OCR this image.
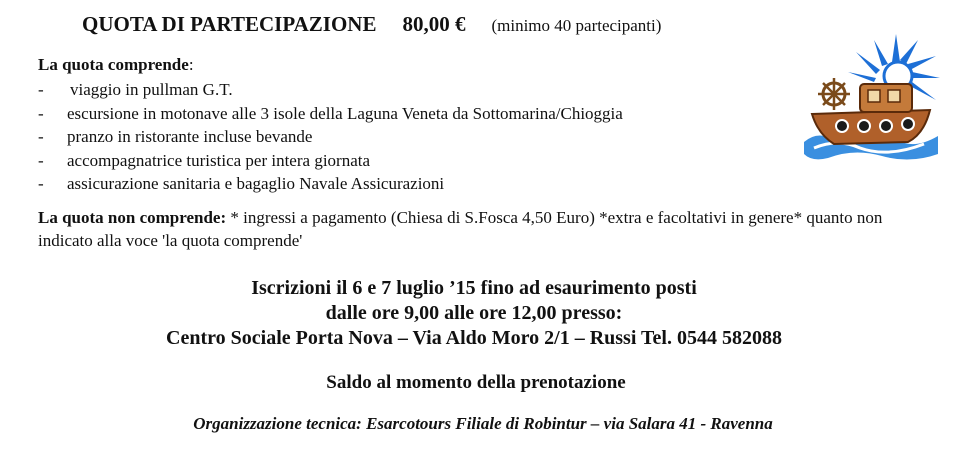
QUOTA DI PARTECIPAZIONE 80,00 € (minimo 40 partecipanti)
La quota comprende:
- viaggio in pullman G.T.
- escursione in motonave alle 3 isole della Laguna Veneta da Sottomarina/Chioggia
- pranzo in ristorante incluse bevande
- accompagnatrice turistica per intera giornata
- assicurazione sanitaria e bagaglio Navale Assicurazioni
La quota non comprende: * ingressi a pagamento (Chiesa di S.Fosca 4,50 Euro) *extra e facoltativi in genere* quanto non indicato alla voce 'la quota comprende'
Iscrizioni il 6 e 7 luglio ’15 fino ad esaurimento posti
dalle ore 9,00 alle ore 12,00 presso:
Centro Sociale Porta Nova – Via Aldo Moro 2/1 – Russi Tel. 0544 582088
Saldo al momento della prenotazione
Organizzazione tecnica: Esarcotours Filiale di Robintur – via Salara 41 - Ravenna
